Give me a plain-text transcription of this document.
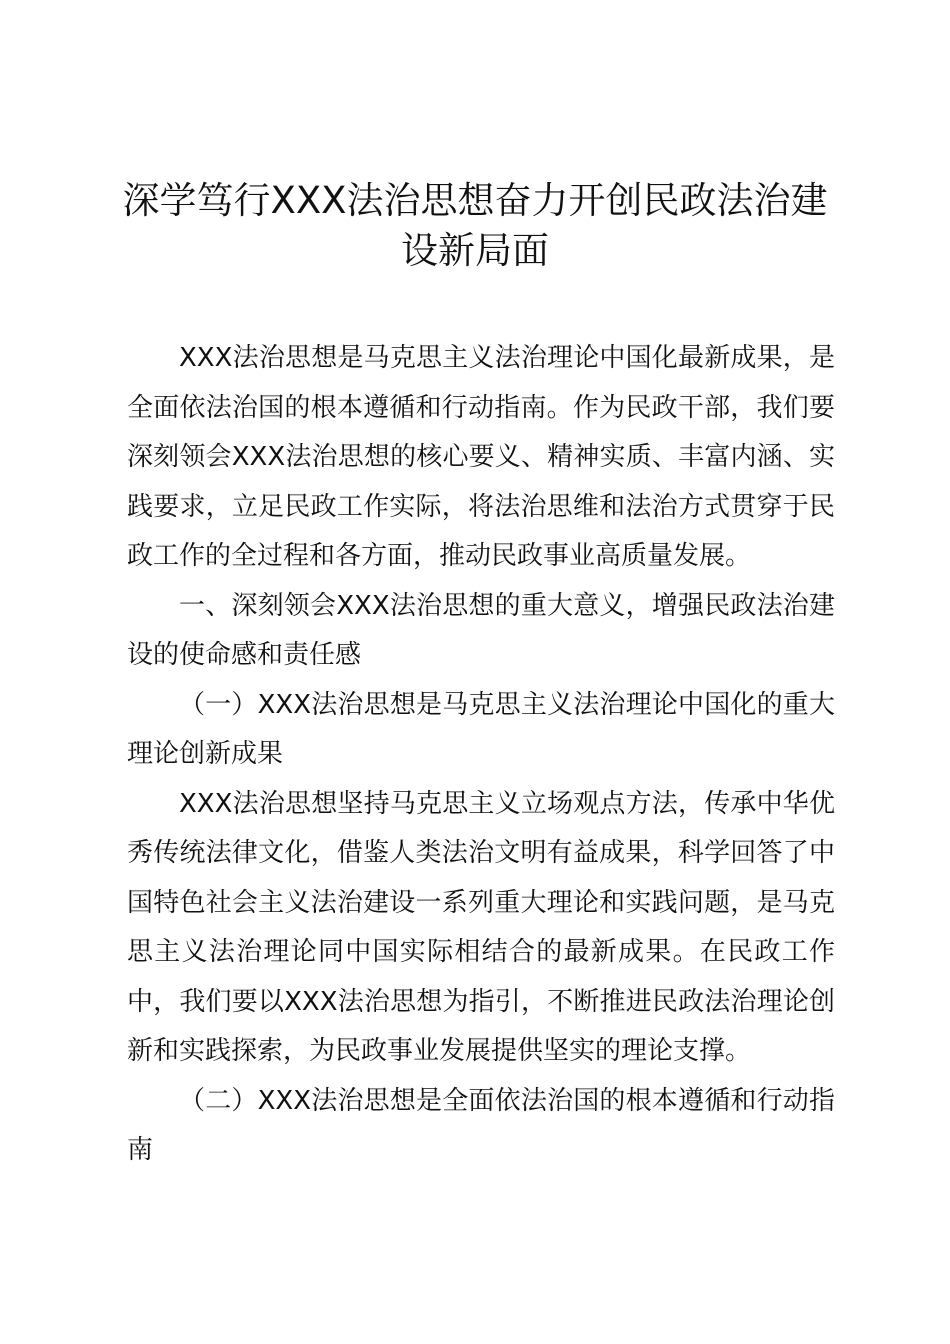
深学笃行XXX法治思想奋力开创民政法治建设新局面

XXX法治思想是马克思主义法治理论中国化最新成果，是全面依法治国的根本遵循和行动指南。作为民政干部，我们要深刻领会XXX法治思想的核心要义、精神实质、丰富内涵、实践要求，立足民政工作实际，将法治思维和法治方式贯穿于民政工作的全过程和各方面，推动民政事业高质量发展。

一、深刻领会XXX法治思想的重大意义，增强民政法治建设的使命感和责任感

（一）XXX法治思想是马克思主义法治理论中国化的重大理论创新成果

XXX法治思想坚持马克思主义立场观点方法，传承中华优秀传统法律文化，借鉴人类法治文明有益成果，科学回答了中国特色社会主义法治建设一系列重大理论和实践问题，是马克思主义法治理论同中国实际相结合的最新成果。在民政工作中，我们要以XXX法治思想为指引，不断推进民政法治理论创新和实践探索，为民政事业发展提供坚实的理论支撑。

（二）XXX法治思想是全面依法治国的根本遵循和行动指南
